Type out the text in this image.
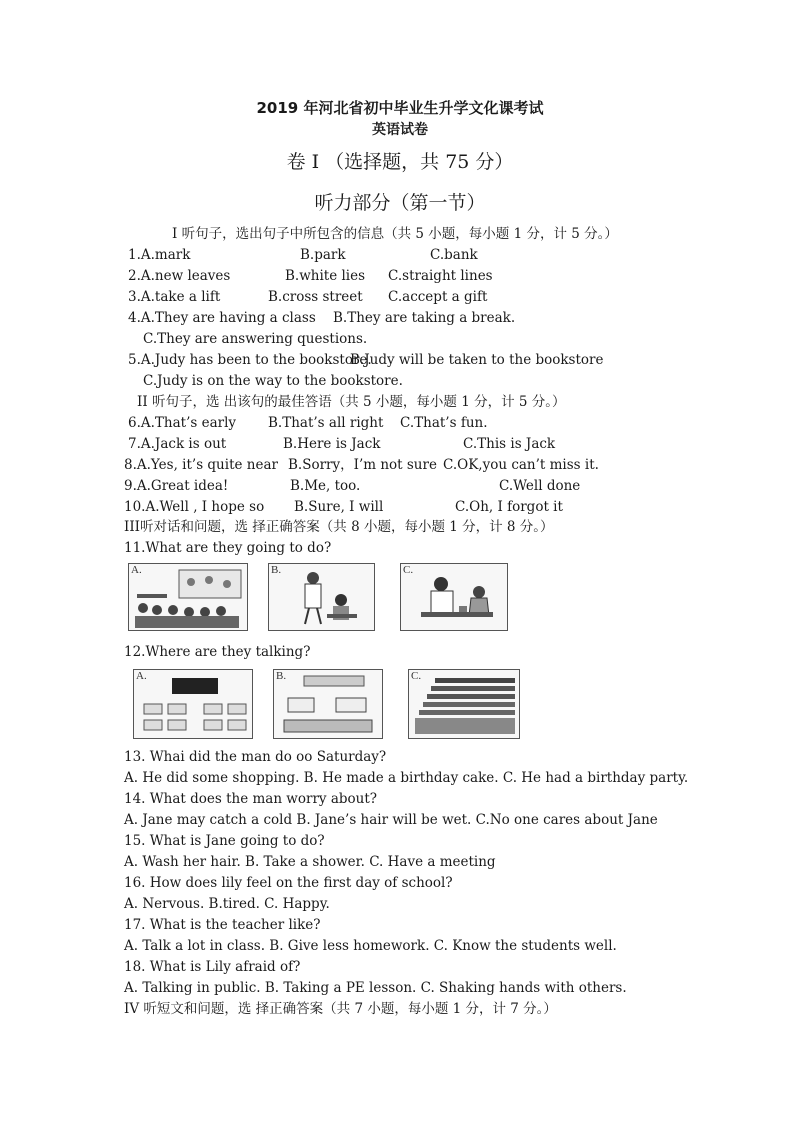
2019 年河北省初中毕业生升学文化课考试
英语试卷
卷 I （选择题，共 75 分）
听力部分（第一节）
I 听句子，选出句子中所包含的信息（共 5 小题，每小题 1 分，计 5 分。）
1.A.mark	B.park	C.bank
2.A.new leaves	B.white lies C.straight lines
3.A.take a lift	B.cross street C.accept a gift
4.A.They are having a class B.They are taking a break.
C.They are answering questions.
5.A.Judy has been to the bookstore.
B.Judy will be taken to the bookstore
C.Judy is on the way to the bookstore.
II 听句子，选 出该句的最佳答语（共 5 小题，每小题 1 分，计 5 分。）
6.A.That’s early B.That’s all right C.That’s fun.
7.A.Jack is out	B.Here is Jack	C.This is Jack
8.A.Yes, it’s quite near B.Sorry，I’m not sure C.OK,you can’t miss it.
9.A.Great idea!	B.Me, too.	C.Well done
10.A.Well , I hope so B.Sure, I will	C.Oh, I forgot it
III听对话和问题，选 择正确答案（共 8 小题，每小题 1 分，计 8 分。）
11.What are they going to do?
A.	B.	C.
12.Where are they talking?
A.	B.	C.
13. Whai did the man do oo Saturday?
A. He did some shopping. B. He made a birthday cake. C. He had a birthday party.
14. What does the man worry about?
A. Jane may catch a cold B. Jane’s hair will be wet. C.No one cares about Jane
15. What is Jane going to do?
A. Wash her hair. B. Take a shower. C. Have a meeting
16. How does lily feel on the first day of school?
A. Nervous. B.tired. C. Happy.
17. What is the teacher like?
A. Talk a lot in class. B. Give less homework. C. Know the students well.
18. What is Lily afraid of?
A. Talking in public. B. Taking a PE lesson. C. Shaking hands with others.
IV 听短文和问题，选 择正确答案（共 7 小题，每小题 1 分，计 7 分。）
